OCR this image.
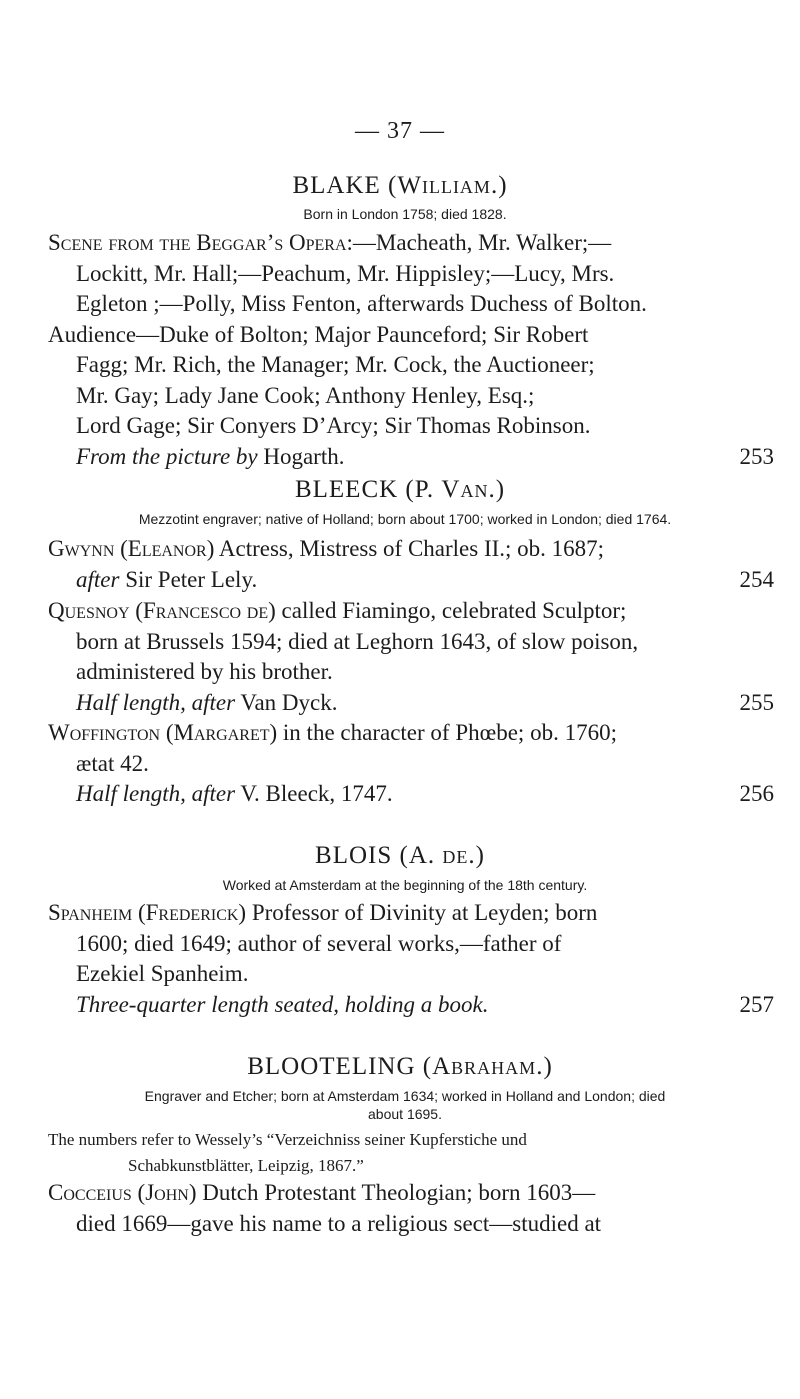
— 37 —
BLAKE (William.)
Born in London 1758; died 1828.

Scene from the Beggar’s Opera:—Macheath, Mr. Walker;—

Lockitt, Mr. Hall;—Peachum, Mr. Hippisley;—Lucy, Mrs.

Egleton ;—Polly, Miss Fenton, afterwards Duchess of Bolton.

Audience—Duke of Bolton; Major Paunceford; Sir Robert

Fagg; Mr. Rich, the Manager; Mr. Cock, the Auctioneer;

Mr. Gay; Lady Jane Cook; Anthony Henley, Esq.;

Lord Gage; Sir Conyers D’Arcy; Sir Thomas Robinson.

From the picture by Hogarth.	253
BLEECK (P. Van.)
Mezzotint engraver; native of Holland; born about 1700; worked in London; died 1764.

Gwynn (Eleanor) Actress, Mistress of Charles II.; ob. 1687;

after Sir Peter Lely.	254

Quesnoy (Francesco de) called Fiamingo, celebrated Sculptor;

born at Brussels 1594; died at Leghorn 1643, of slow poison,

administered by his brother.

Half length, after Van Dyck.	255

Woffington (Margaret) in the character of Phœbe; ob. 1760;

ætat 42.

Half length, after V. Bleeck, 1747.	256
BLOIS (A. de.)
Worked at Amsterdam at the beginning of the 18th century.

Spanheim (Frederick) Professor of Divinity at Leyden; born

1600; died 1649; author of several works,—father of

Ezekiel Spanheim.

Three-quarter length seated, holding a book.	257
BLOOTELING (Abraham.)
Engraver and Etcher; born at Amsterdam 1634; worked in Holland and London; died
about 1695.
The numbers refer to Wessely’s “Verzeichniss seiner Kupferstiche und
Schabkunstblätter, Leipzig, 1867.”

Cocceius (John) Dutch Protestant Theologian; born 1603—

died 1669—gave his name to a religious sect—studied at
